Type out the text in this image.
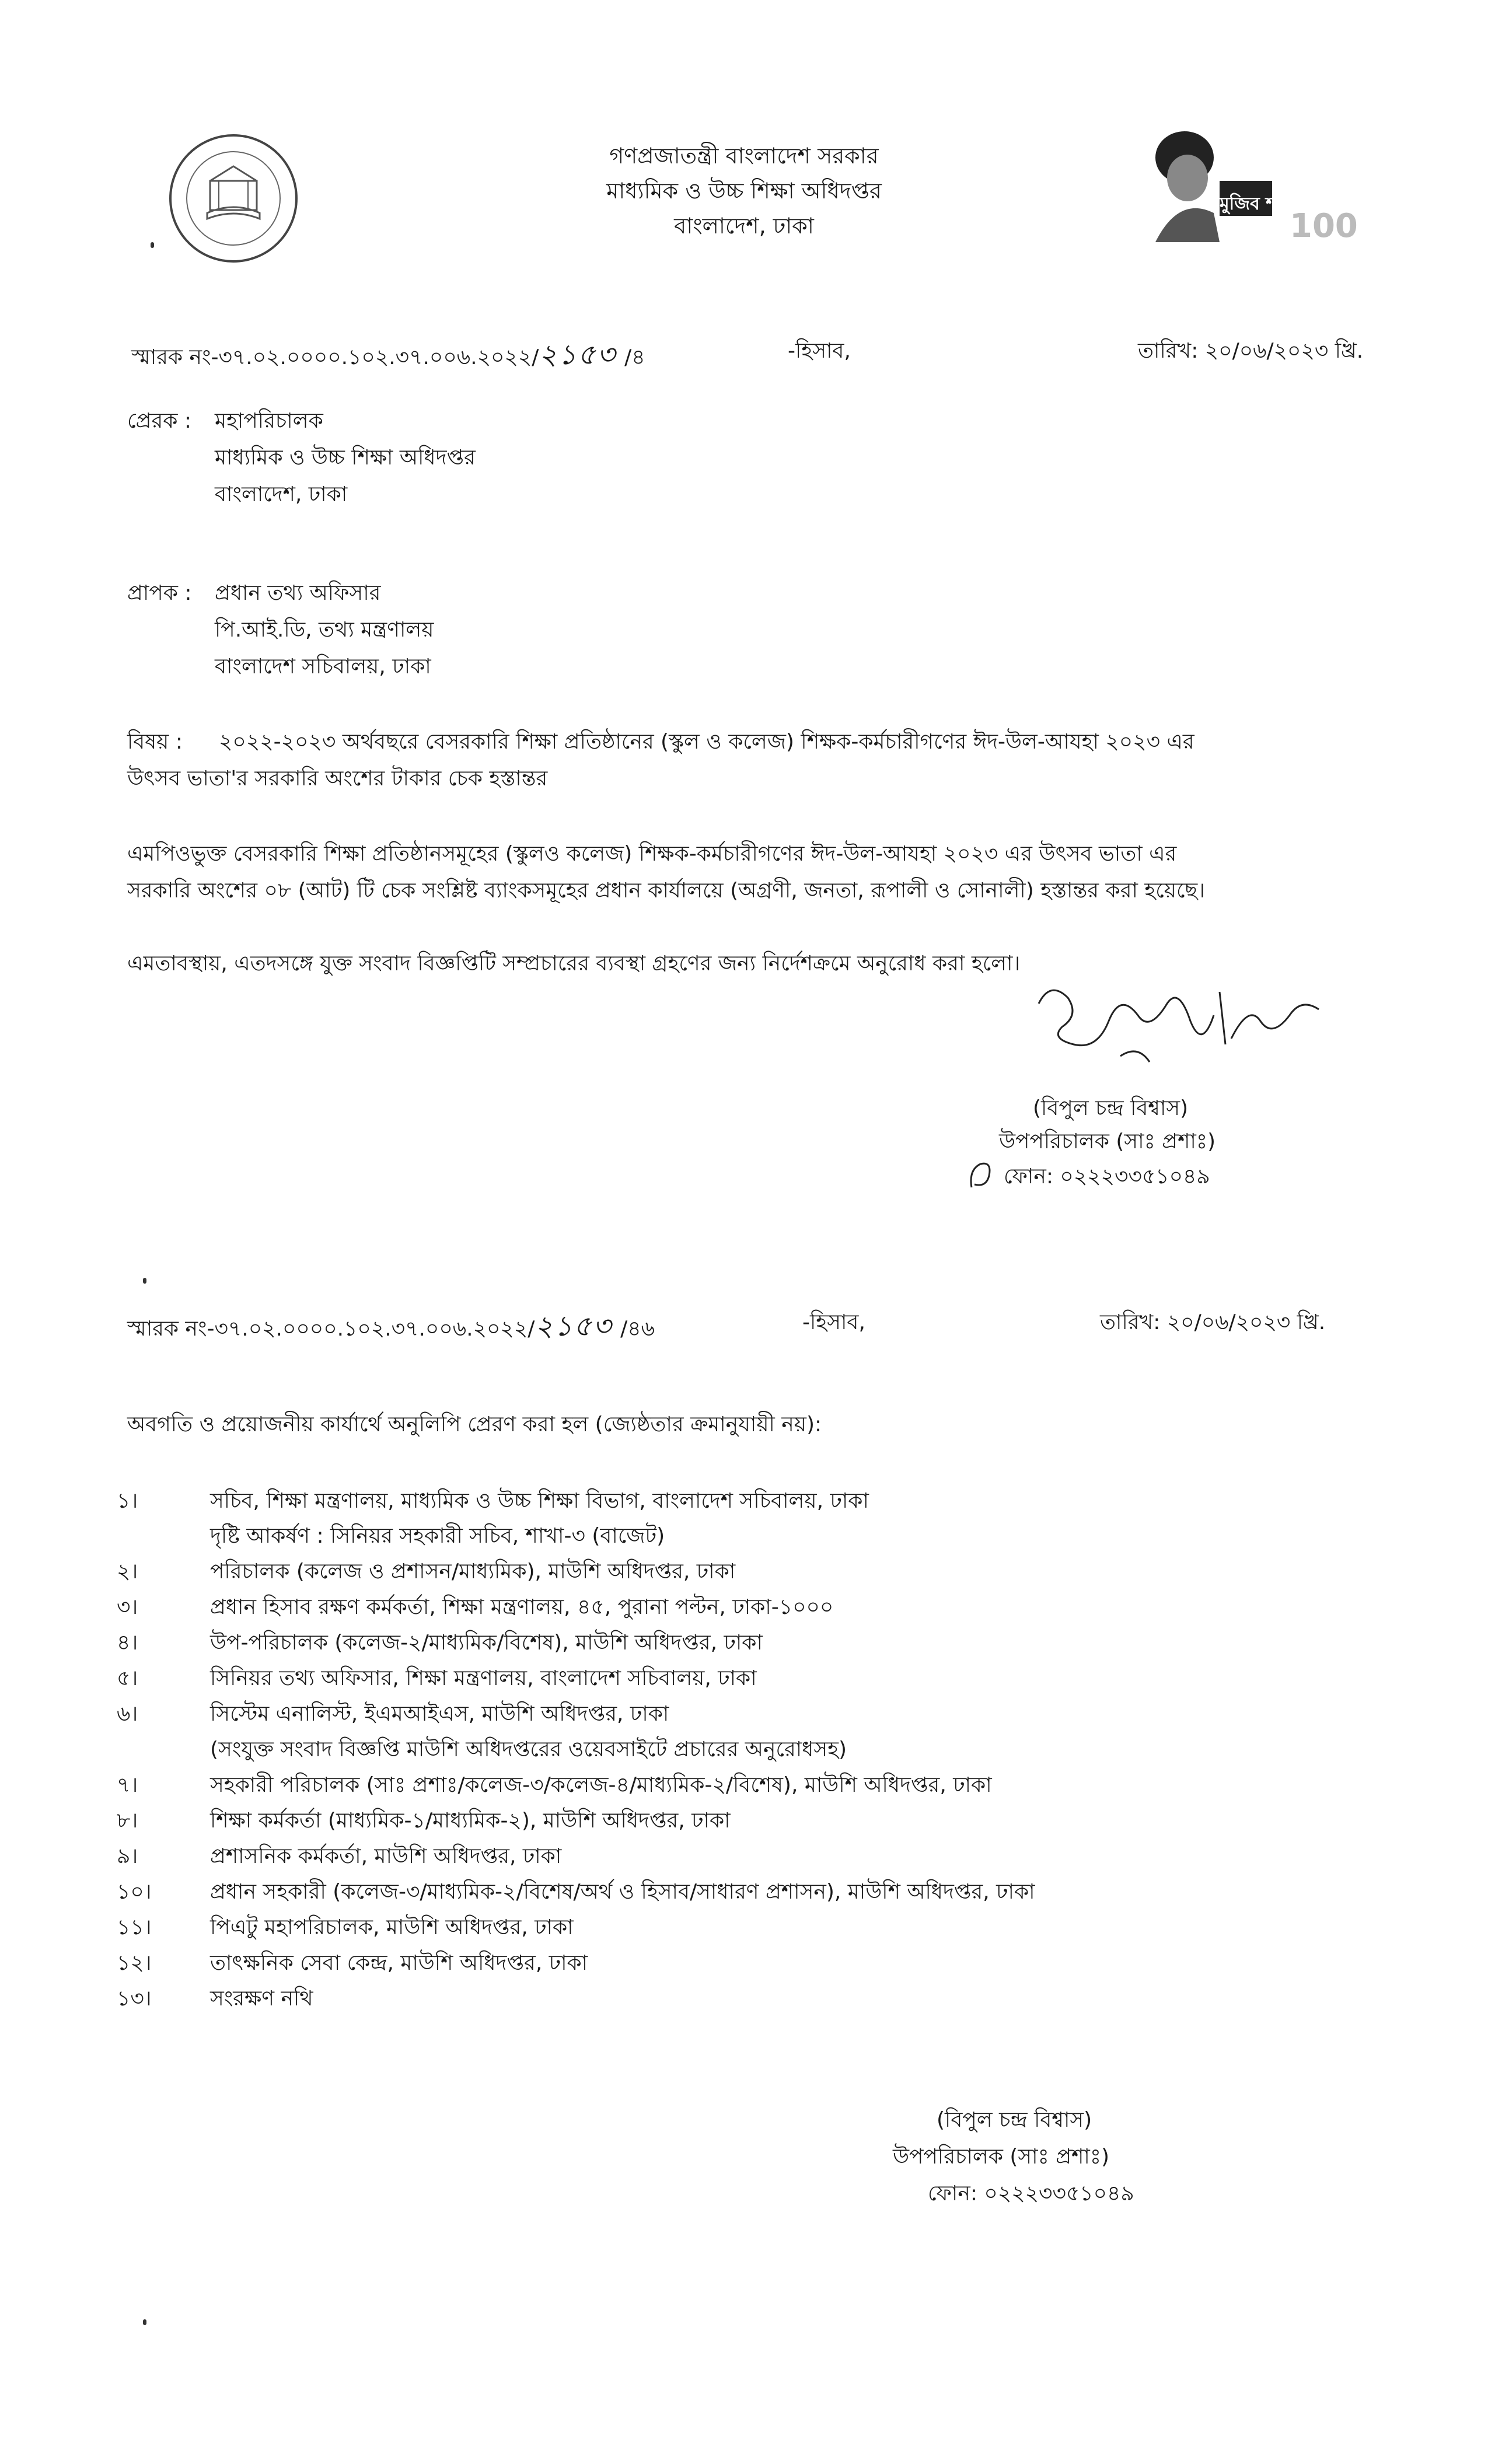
গণপ্রজাতন্ত্রী বাংলাদেশ সরকার
মাধ্যমিক ও উচ্চ শিক্ষা অধিদপ্তর
বাংলাদেশ, ঢাকা
মুজিব শতবর্ষ
100
স্মারক নং-৩৭.০২.০০০০.১০২.৩৭.০০৬.২০২২/২১৫৩ /৪	-হিসাব,	তারিখ: ২০/০৬/২০২৩ খ্রি.
প্রেরক : মহাপরিচালক
মাধ্যমিক ও উচ্চ শিক্ষা অধিদপ্তর
বাংলাদেশ, ঢাকা
প্রাপক : প্রধান তথ্য অফিসার
পি.আই.ডি, তথ্য মন্ত্রণালয়
বাংলাদেশ সচিবালয়, ঢাকা
বিষয় : ২০২২-২০২৩ অর্থবছরে বেসরকারি শিক্ষা প্রতিষ্ঠানের (স্কুল ও কলেজ) শিক্ষক-কর্মচারীগণের ঈদ-উল-আযহা ২০২৩ এর
উৎসব ভাতা'র সরকারি অংশের টাকার চেক হস্তান্তর
এমপিওভুক্ত বেসরকারি শিক্ষা প্রতিষ্ঠানসমূহের (স্কুলও কলেজ) শিক্ষক-কর্মচারীগণের ঈদ-উল-আযহা ২০২৩ এর উৎসব ভাতা এর
সরকারি অংশের ০৮ (আট) টি চেক সংশ্লিষ্ট ব্যাংকসমূহের প্রধান কার্যালয়ে (অগ্রণী, জনতা, রূপালী ও সোনালী) হস্তান্তর করা হয়েছে।
এমতাবস্থায়, এতদসঙ্গে যুক্ত সংবাদ বিজ্ঞপ্তিটি সম্প্রচারের ব্যবস্থা গ্রহণের জন্য নির্দেশক্রমে অনুরোধ করা হলো।
(বিপুল চন্দ্র বিশ্বাস)
উপপরিচালক (সাঃ প্রশাঃ)
ফোন: ০২২২৩৩৫১০৪৯
স্মারক নং-৩৭.০২.০০০০.১০২.৩৭.০০৬.২০২২/২১৫৩ /৪৬	-হিসাব,	তারিখ: ২০/০৬/২০২৩ খ্রি.
অবগতি ও প্রয়োজনীয় কার্যার্থে অনুলিপি প্রেরণ করা হল (জ্যেষ্ঠতার ক্রমানুযায়ী নয়):
১।	সচিব, শিক্ষা মন্ত্রণালয়, মাধ্যমিক ও উচ্চ শিক্ষা বিভাগ, বাংলাদেশ সচিবালয়, ঢাকা
দৃষ্টি আকর্ষণ : সিনিয়র সহকারী সচিব, শাখা-৩ (বাজেট)
২।	পরিচালক (কলেজ ও প্রশাসন/মাধ্যমিক), মাউশি অধিদপ্তর, ঢাকা
৩।	প্রধান হিসাব রক্ষণ কর্মকর্তা, শিক্ষা মন্ত্রণালয়, ৪৫, পুরানা পল্টন, ঢাকা-১০০০
৪।	উপ-পরিচালক (কলেজ-২/মাধ্যমিক/বিশেষ), মাউশি অধিদপ্তর, ঢাকা
৫।	সিনিয়র তথ্য অফিসার, শিক্ষা মন্ত্রণালয়, বাংলাদেশ সচিবালয়, ঢাকা
৬।	সিস্টেম এনালিস্ট, ইএমআইএস, মাউশি অধিদপ্তর, ঢাকা
(সংযুক্ত সংবাদ বিজ্ঞপ্তি মাউশি অধিদপ্তরের ওয়েবসাইটে প্রচারের অনুরোধসহ)
৭।	সহকারী পরিচালক (সাঃ প্রশাঃ/কলেজ-৩/কলেজ-৪/মাধ্যমিক-২/বিশেষ), মাউশি অধিদপ্তর, ঢাকা
৮।	শিক্ষা কর্মকর্তা (মাধ্যমিক-১/মাধ্যমিক-২), মাউশি অধিদপ্তর, ঢাকা
৯।	প্রশাসনিক কর্মকর্তা, মাউশি অধিদপ্তর, ঢাকা
১০।	প্রধান সহকারী (কলেজ-৩/মাধ্যমিক-২/বিশেষ/অর্থ ও হিসাব/সাধারণ প্রশাসন), মাউশি অধিদপ্তর, ঢাকা
১১।	পিএটু মহাপরিচালক, মাউশি অধিদপ্তর, ঢাকা
১২।	তাৎক্ষনিক সেবা কেন্দ্র, মাউশি অধিদপ্তর, ঢাকা
১৩।	সংরক্ষণ নথি
(বিপুল চন্দ্র বিশ্বাস)
উপপরিচালক (সাঃ প্রশাঃ)
ফোন: ০২২২৩৩৫১০৪৯
